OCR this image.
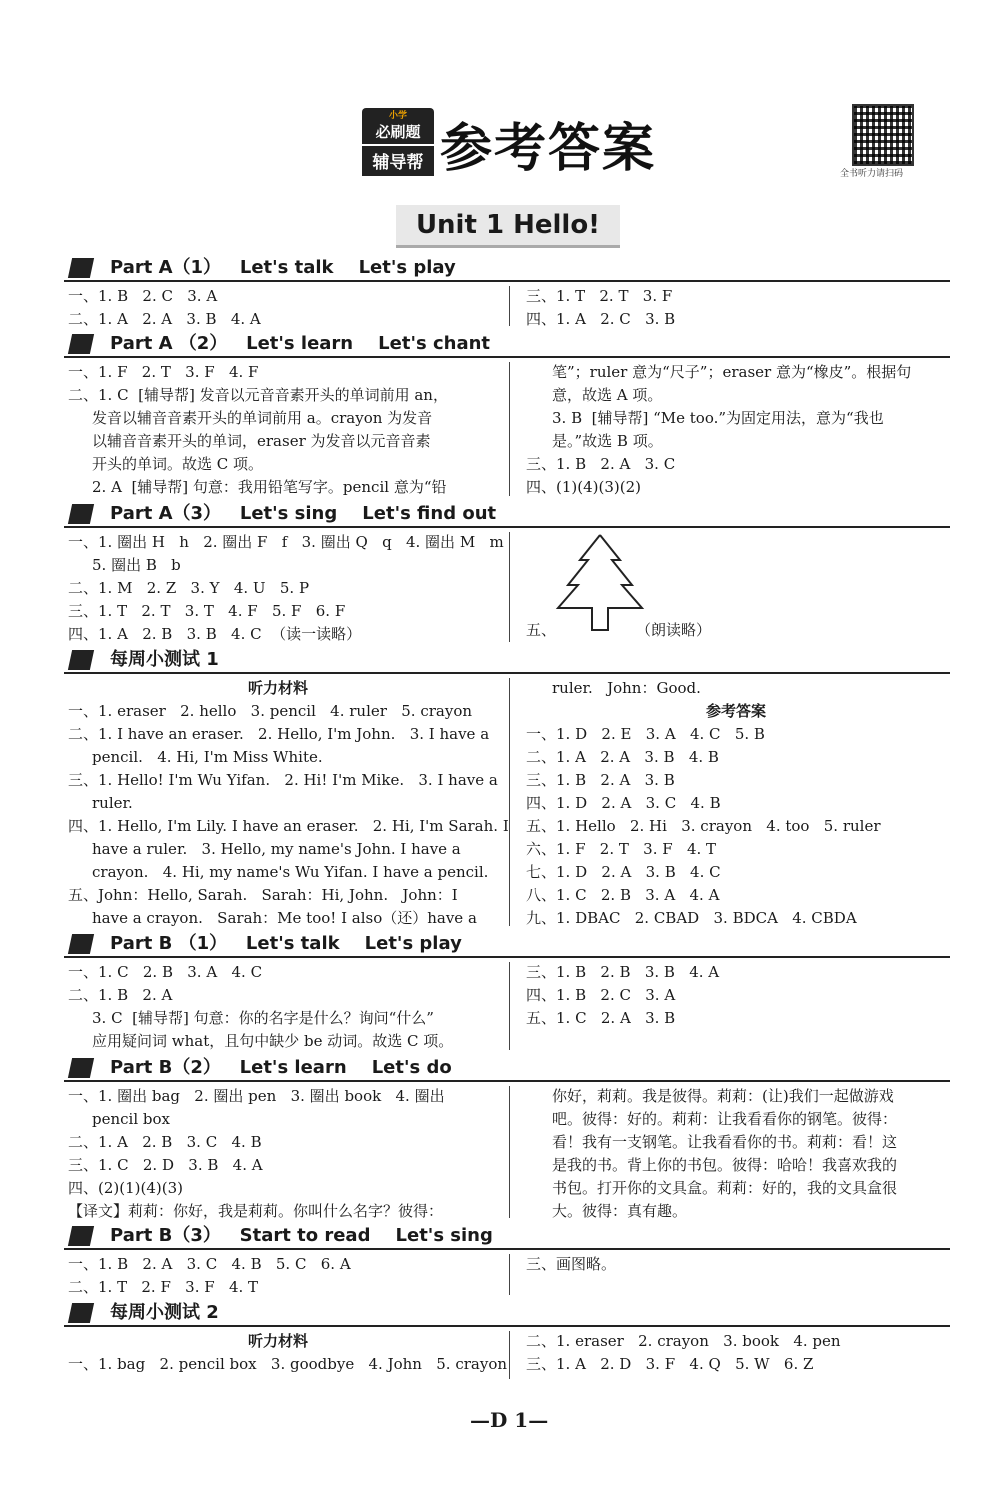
小学
必刷题
辅导帮 参考答案	全书听力请扫码
Unit 1 Hello!
Part A（1）   Let's talk    Let's play
一、1. B   2. C   3. A
二、1. A   2. A   3. B   4. A
三、1. T   2. T   3. F
四、1. A   2. C   3. B
Part A （2）   Let's learn    Let's chant
一、1. F   2. T   3. F   4. F
二、1. C  [辅导帮] 发音以元音音素开头的单词前用 an，
发音以辅音音素开头的单词前用 a。crayon 为发音
以辅音音素开头的单词，eraser 为发音以元音音素
开头的单词。故选 C 项。
2. A  [辅导帮] 句意：我用铅笔写字。pencil 意为“铅
笔”；ruler 意为“尺子”；eraser 意为“橡皮”。根据句
意，故选 A 项。
3. B  [辅导帮] “Me too.”为固定用法，意为“我也
是。”故选 B 项。
三、1. B   2. A   3. C
四、(1)(4)(3)(2)
Part A（3）   Let's sing    Let's find out
一、1. 圈出 H   h   2. 圈出 F   f   3. 圈出 Q   q   4. 圈出 M   m
5. 圈出 B   b
二、1. M   2. Z   3. Y   4. U   5. P
三、1. T   2. T   3. T   4. F   5. F   6. F
四、1. A   2. B   3. B   4. C  （读一读略）	五、	（朗读略）
每周小测试 1
听力材料
一、1. eraser   2. hello   3. pencil   4. ruler   5. crayon
二、1. I have an eraser.   2. Hello, I'm John.   3. I have a
pencil.   4. Hi, I'm Miss White.
三、1. Hello! I'm Wu Yifan.   2. Hi! I'm Mike.   3. I have a
ruler.
四、1. Hello, I'm Lily. I have an eraser.   2. Hi, I'm Sarah. I
have a ruler.   3. Hello, my name's John. I have a
crayon.   4. Hi, my name's Wu Yifan. I have a pencil.
五、John：Hello, Sarah.   Sarah：Hi, John.   John：I
have a crayon.   Sarah：Me too! I also（还）have a
ruler.   John：Good.
参考答案
一、1. D   2. E   3. A   4. C   5. B
二、1. A   2. A   3. B   4. B
三、1. B   2. A   3. B
四、1. D   2. A   3. C   4. B
五、1. Hello   2. Hi   3. crayon   4. too   5. ruler
六、1. F   2. T   3. F   4. T
七、1. D   2. A   3. B   4. C
八、1. C   2. B   3. A   4. A
九、1. DBAC   2. CBAD   3. BDCA   4. CBDA
Part B （1）   Let's talk    Let's play
一、1. C   2. B   3. A   4. C
二、1. B   2. A
3. C  [辅导帮] 句意：你的名字是什么？询问“什么”
应用疑问词 what，且句中缺少 be 动词。故选 C 项。
三、1. B   2. B   3. B   4. A
四、1. B   2. C   3. A
五、1. C   2. A   3. B
Part B（2）   Let's learn    Let's do
一、1. 圈出 bag   2. 圈出 pen   3. 圈出 book   4. 圈出
pencil box
二、1. A   2. B   3. C   4. B
三、1. C   2. D   3. B   4. A
四、(2)(1)(4)(3)
【译文】莉莉：你好，我是莉莉。你叫什么名字？彼得：
你好，莉莉。我是彼得。莉莉：(让)我们一起做游戏
吧。彼得：好的。莉莉：让我看看你的钢笔。彼得：
看！我有一支钢笔。让我看看你的书。莉莉：看！这
是我的书。背上你的书包。彼得：哈哈！我喜欢我的
书包。打开你的文具盒。莉莉：好的，我的文具盒很
大。彼得：真有趣。
Part B（3）   Start to read    Let's sing
一、1. B   2. A   3. C   4. B   5. C   6. A
二、1. T   2. F   3. F   4. T
三、画图略。
每周小测试 2
听力材料
一、1. bag   2. pencil box   3. goodbye   4. John   5. crayon
二、1. eraser   2. crayon   3. book   4. pen
三、1. A   2. D   3. F   4. Q   5. W   6. Z
—D 1—
